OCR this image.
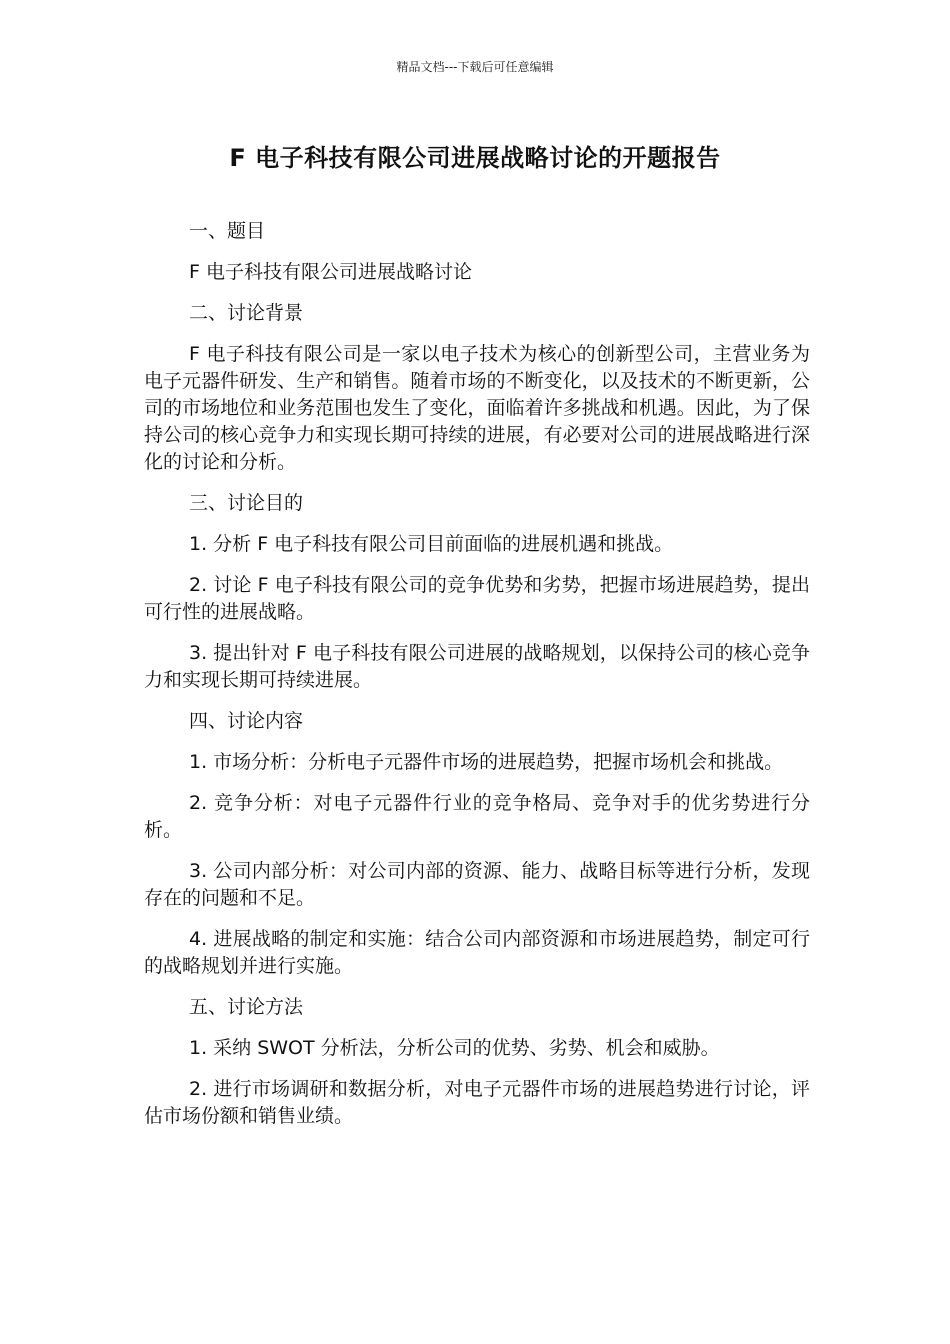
精品文档---下载后可任意编辑
F 电子科技有限公司进展战略讨论的开题报告

一、题目

F 电子科技有限公司进展战略讨论

二、讨论背景

F 电子科技有限公司是一家以电子技术为核心的创新型公司，主营业务为电子元器件研发、生产和销售。随着市场的不断变化，以及技术的不断更新，公司的市场地位和业务范围也发生了变化，面临着许多挑战和机遇。因此，为了保持公司的核心竞争力和实现长期可持续的进展，有必要对公司的进展战略进行深化的讨论和分析。

三、讨论目的

1. 分析 F 电子科技有限公司目前面临的进展机遇和挑战。

2. 讨论 F 电子科技有限公司的竞争优势和劣势，把握市场进展趋势，提出可行性的进展战略。

3. 提出针对 F 电子科技有限公司进展的战略规划，以保持公司的核心竞争力和实现长期可持续进展。

四、讨论内容

1. 市场分析：分析电子元器件市场的进展趋势，把握市场机会和挑战。

2. 竞争分析：对电子元器件行业的竞争格局、竞争对手的优劣势进行分析。

3. 公司内部分析：对公司内部的资源、能力、战略目标等进行分析，发现存在的问题和不足。

4. 进展战略的制定和实施：结合公司内部资源和市场进展趋势，制定可行的战略规划并进行实施。

五、讨论方法

1. 采纳 SWOT 分析法，分析公司的优势、劣势、机会和威胁。

2. 进行市场调研和数据分析，对电子元器件市场的进展趋势进行讨论，评估市场份额和销售业绩。
